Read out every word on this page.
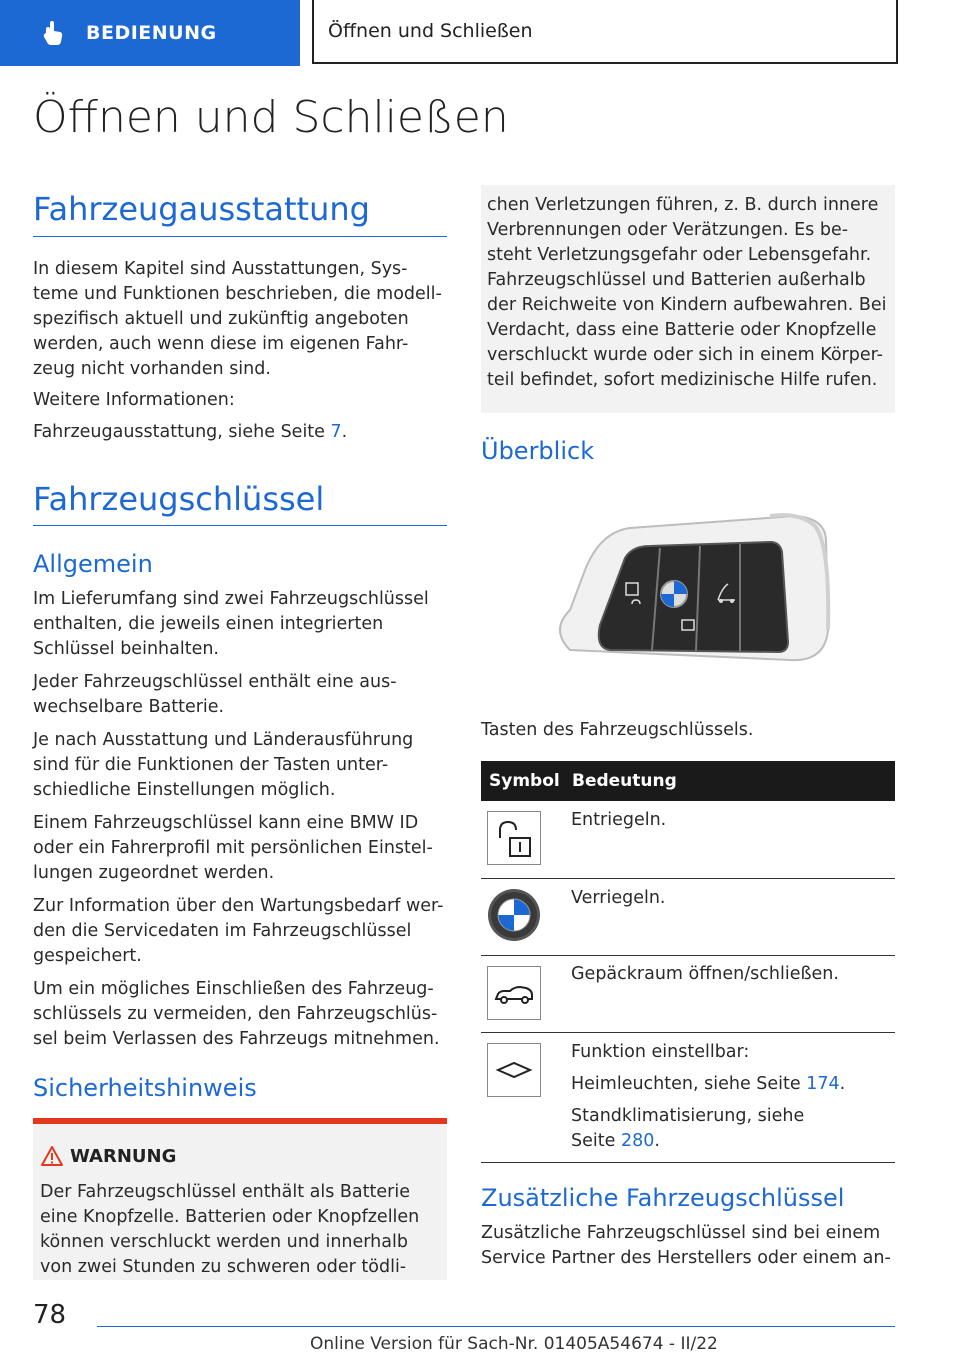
BEDIENUNG	Öffnen und Schließen
Öffnen und Schließen
Fahrzeugausstattung
In diesem Kapitel sind Ausstattungen, Sys-
teme und Funktionen beschrieben, die modell-
spezifisch aktuell und zukünftig angeboten
werden, auch wenn diese im eigenen Fahr-
zeug nicht vorhanden sind.
Weitere Informationen:
Fahrzeugausstattung, siehe Seite 7.
Fahrzeugschlüssel
Allgemein
Im Lieferumfang sind zwei Fahrzeugschlüssel
enthalten, die jeweils einen integrierten
Schlüssel beinhalten.
Jeder Fahrzeugschlüssel enthält eine aus-
wechselbare Batterie.
Je nach Ausstattung und Länderausführung
sind für die Funktionen der Tasten unter-
schiedliche Einstellungen möglich.
Einem Fahrzeugschlüssel kann eine BMW ID
oder ein Fahrerprofil mit persönlichen Einstel-
lungen zugeordnet werden.
Zur Information über den Wartungsbedarf wer-
den die Servicedaten im Fahrzeugschlüssel
gespeichert.
Um ein mögliches Einschließen des Fahrzeug-
schlüssels zu vermeiden, den Fahrzeugschlüs-
sel beim Verlassen des Fahrzeugs mitnehmen.
Sicherheitshinweis
WARNUNG
Der Fahrzeugschlüssel enthält als Batterie
eine Knopfzelle. Batterien oder Knopfzellen
können verschluckt werden und innerhalb
von zwei Stunden zu schweren oder tödli-
chen Verletzungen führen, z. B. durch innere
Verbrennungen oder Verätzungen. Es be-
steht Verletzungsgefahr oder Lebensgefahr.
Fahrzeugschlüssel und Batterien außerhalb
der Reichweite von Kindern aufbewahren. Bei
Verdacht, dass eine Batterie oder Knopfzelle
verschluckt wurde oder sich in einem Körper-
teil befindet, sofort medizinische Hilfe rufen.
Überblick
Tasten des Fahrzeugschlüssels.
Symbol Bedeutung
Entriegeln.
Verriegeln.
Gepäckraum öffnen/schließen.
Funktion einstellbar:
Heimleuchten, siehe Seite 174.
Standklimatisierung, siehe
Seite 280.
Zusätzliche Fahrzeugschlüssel
Zusätzliche Fahrzeugschlüssel sind bei einem
Service Partner des Herstellers oder einem an-
78
Online Version für Sach-Nr. 01405A54674 - II/22
